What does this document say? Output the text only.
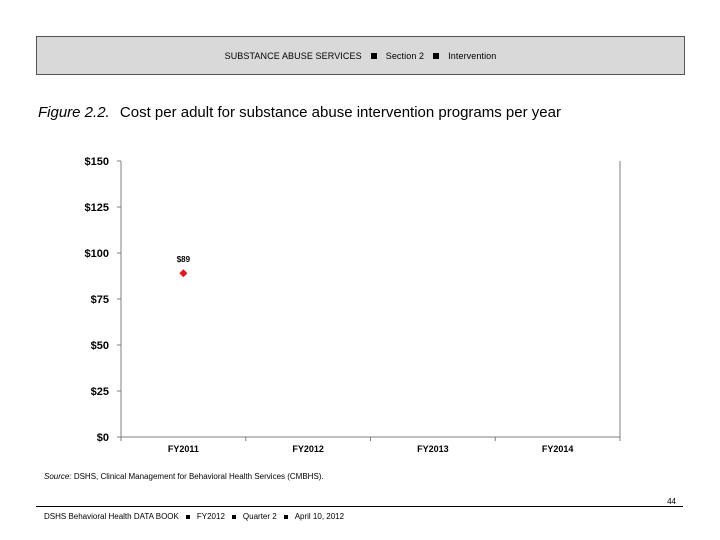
SUBSTANCE ABUSE SERVICES	Section 2	Intervention
Figure 2.2. Cost per adult for substance abuse intervention programs per year
$0
$25
$50
$75
$100
$125
$150
FY2011	FY2012	FY2013	FY2014
$89
Source: DSHS, Clinical Management for Behavioral Health Services (CMBHS).
44
DSHS Behavioral Health DATA BOOK FY2012 Quarter 2 April 10, 2012
